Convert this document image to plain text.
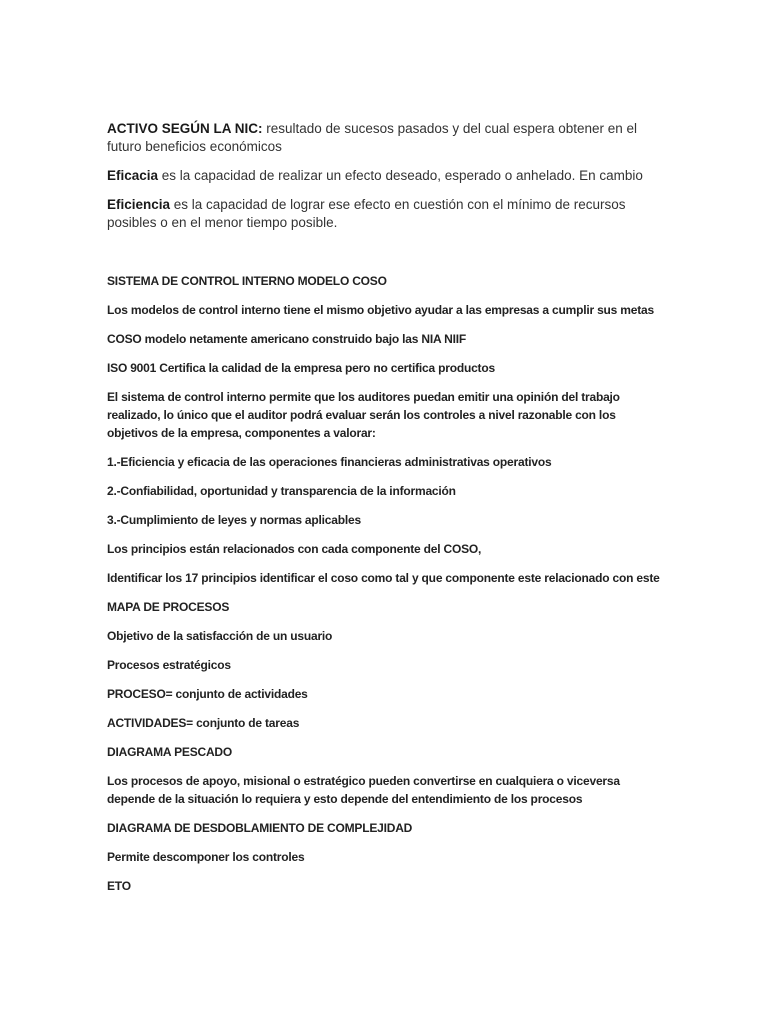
ACTIVO SEGÚN LA NIC: resultado de sucesos pasados y del cual espera obtener en el futuro beneficios económicos

Eficacia es la capacidad de realizar un efecto deseado, esperado o anhelado. En cambio

Eficiencia es la capacidad de lograr ese efecto en cuestión con el mínimo de recursos posibles o en el menor tiempo posible.

SISTEMA DE CONTROL INTERNO MODELO COSO

Los modelos de control interno tiene el mismo objetivo ayudar a las empresas a cumplir sus metas

COSO modelo netamente americano construido bajo las NIA NIIF

ISO 9001 Certifica la calidad de la empresa pero no certifica productos

El sistema de control interno permite que los auditores puedan emitir una opinión del trabajo realizado, lo único que el auditor podrá evaluar serán los controles a nivel razonable con los objetivos de la empresa, componentes a valorar:

1.-Eficiencia y eficacia de las operaciones financieras administrativas operativos

2.-Confiabilidad, oportunidad y transparencia de la información

3.-Cumplimiento de leyes y normas aplicables

Los principios están relacionados con cada componente del COSO,

Identificar los 17 principios identificar el coso como tal y que componente este relacionado con este

MAPA DE PROCESOS

Objetivo de la satisfacción de un usuario

Procesos estratégicos

PROCESO= conjunto de actividades

ACTIVIDADES= conjunto de tareas

DIAGRAMA PESCADO

Los procesos de apoyo, misional o estratégico pueden convertirse en cualquiera o viceversa depende de la situación lo requiera y esto depende del entendimiento de los procesos

DIAGRAMA DE DESDOBLAMIENTO DE COMPLEJIDAD

Permite descomponer los controles

ETO
